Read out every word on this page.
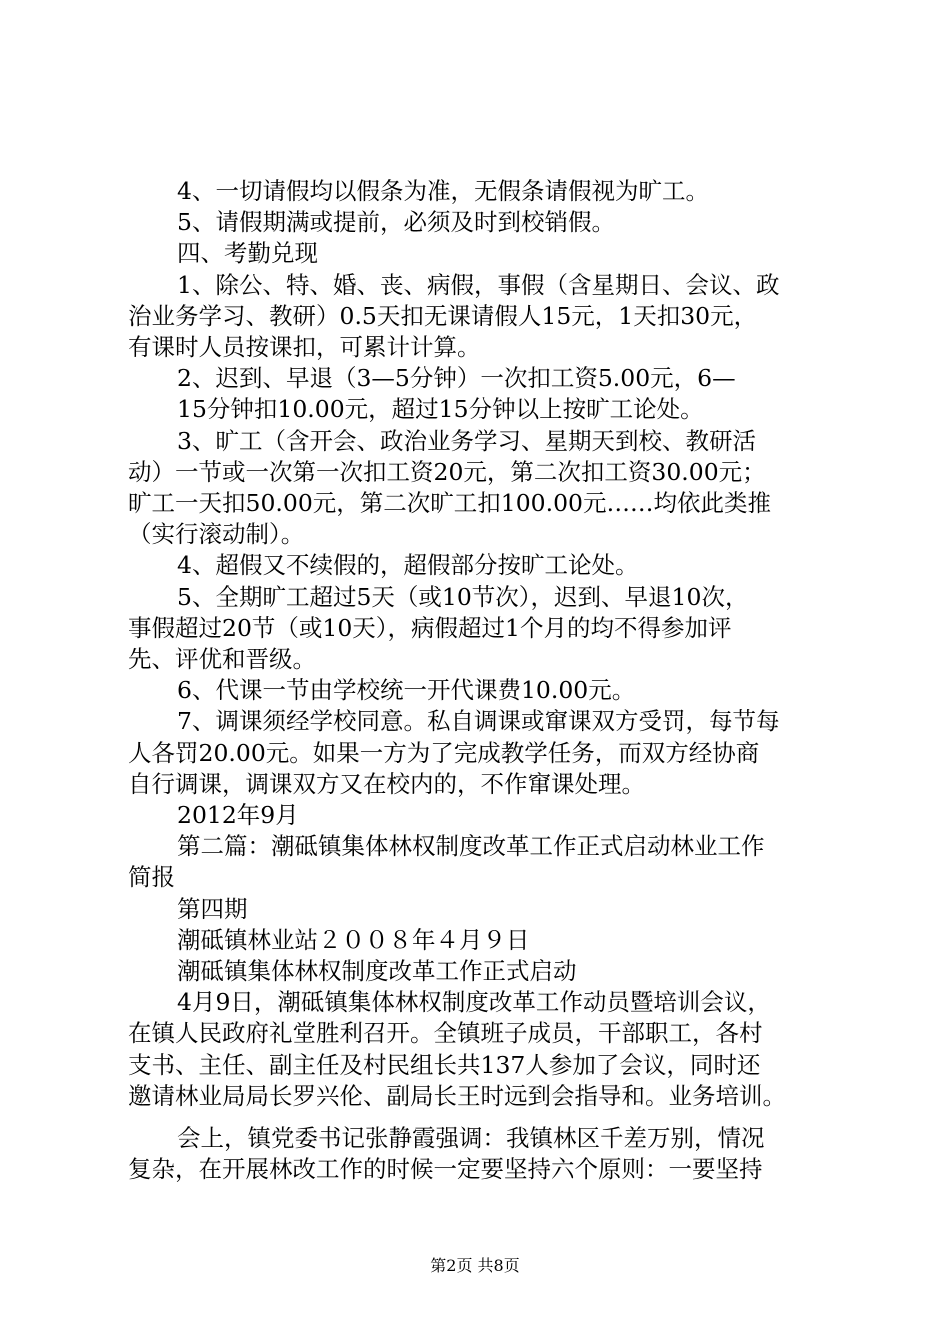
4、一切请假均以假条为准，无假条请假视为旷工。
5、请假期满或提前，必须及时到校销假。
四、考勤兑现
1、除公、特、婚、丧、病假，事假（含星期日、会议、政
治业务学习、教研）0.5天扣无课请假人15元，1天扣30元，
有课时人员按课扣，可累计计算。
2、迟到、早退（3—5分钟）一次扣工资5.00元，6—
15分钟扣10.00元，超过15分钟以上按旷工论处。
3、旷工（含开会、政治业务学习、星期天到校、教研活
动）一节或一次第一次扣工资20元，第二次扣工资30.00元；
旷工一天扣50.00元，第二次旷工扣100.00元……均依此类推
（实行滚动制）。
4、超假又不续假的，超假部分按旷工论处。
5、全期旷工超过5天（或10节次），迟到、早退10次，
事假超过20节（或10天），病假超过1个月的均不得参加评
先、评优和晋级。
6、代课一节由学校统一开代课费10.00元。
7、调课须经学校同意。私自调课或窜课双方受罚，每节每
人各罚20.00元。如果一方为了完成教学任务，而双方经协商
自行调课，调课双方又在校内的，不作窜课处理。
2012年9月
第二篇：潮砥镇集体林权制度改革工作正式启动林业工作
简报
第四期
潮砥镇林业站２００８年４月９日
潮砥镇集体林权制度改革工作正式启动
4月9日，潮砥镇集体林权制度改革工作动员暨培训会议，
在镇人民政府礼堂胜利召开。全镇班子成员，干部职工，各村
支书、主任、副主任及村民组长共137人参加了会议，同时还
邀请林业局局长罗兴伦、副局长王时远到会指导和。业务培训。
会上，镇党委书记张静霞强调：我镇林区千差万别，情况
复杂，在开展林改工作的时候一定要坚持六个原则：一要坚持
第2页 共8页
